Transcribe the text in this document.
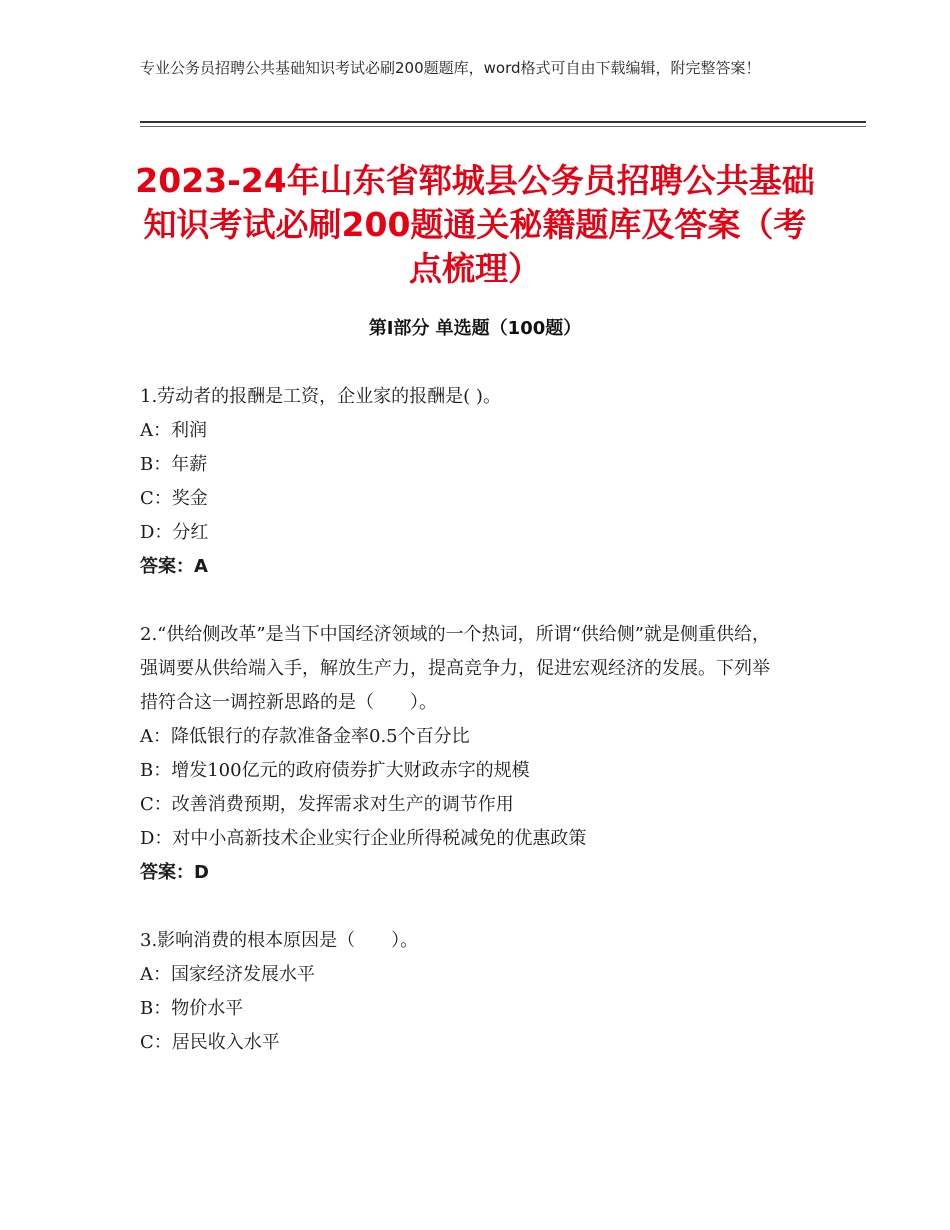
专业公务员招聘公共基础知识考试必刷200题题库，word格式可自由下载编辑，附完整答案！
2023-24年山东省郓城县公务员招聘公共基础知识考试必刷200题通关秘籍题库及答案（考点梳理）
第Ⅰ部分 单选题（100题）

1.劳动者的报酬是工资，企业家的报酬是( )。

A：利润

B：年薪

C：奖金

D：分红

答案：A

2.“供给侧改革”是当下中国经济领域的一个热词，所谓“供给侧”就是侧重供给，强调要从供给端入手，解放生产力，提高竞争力，促进宏观经济的发展。下列举措符合这一调控新思路的是（　　）。

A：降低银行的存款准备金率0.5个百分比

B：增发100亿元的政府债券扩大财政赤字的规模

C：改善消费预期，发挥需求对生产的调节作用

D：对中小高新技术企业实行企业所得税减免的优惠政策

答案：D

3.影响消费的根本原因是（　　）。

A：国家经济发展水平

B：物价水平

C：居民收入水平
